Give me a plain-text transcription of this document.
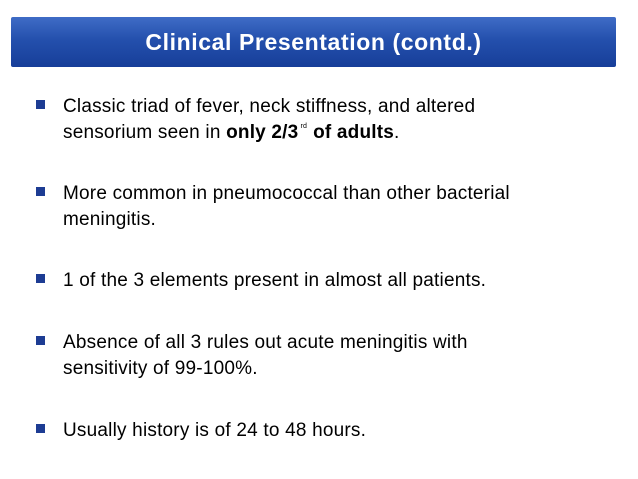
Clinical Presentation (contd.)
Classic triad of fever, neck stiffness, and altered
sensorium seen in only 2/3 $^{rd}$ of adults.
More common in pneumococcal than other bacterial
meningitis.
1 of the 3 elements present in almost all patients.
Absence of all 3 rules out acute meningitis with
sensitivity of 99-100%.
Usually history is of 24 to 48 hours.
